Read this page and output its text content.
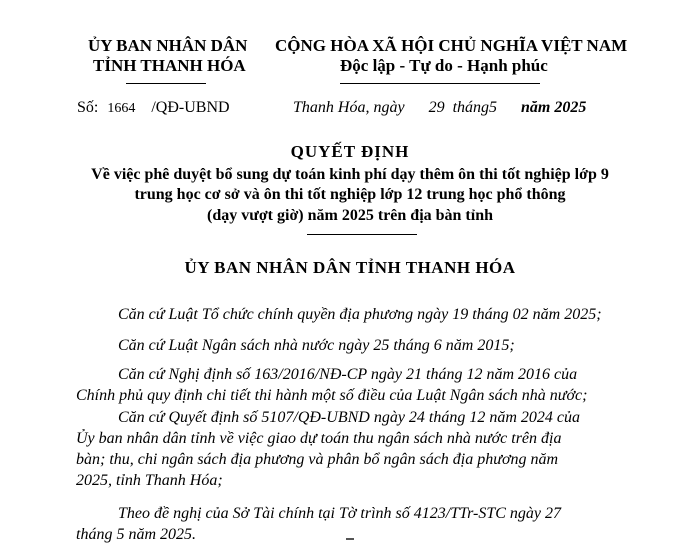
ỦY BAN NHÂN DÂN
TỈNH THANH HÓA
CỘNG HÒA XÃ HỘI CHỦ NGHĨA VIỆT NAM
Độc lập - Tự do - Hạnh phúc
Số: 1664 /QĐ-UBND	Thanh Hóa, ngày 29 tháng5 năm 2025
QUYẾT ĐỊNH
Về việc phê duyệt bổ sung dự toán kinh phí dạy thêm ôn thi tốt nghiệp lớp 9
trung học cơ sở và ôn thi tốt nghiệp lớp 12 trung học phổ thông
(dạy vượt giờ) năm 2025 trên địa bàn tỉnh
ỦY BAN NHÂN DÂN TỈNH THANH HÓA
Căn cứ Luật Tổ chức chính quyền địa phương ngày 19 tháng 02 năm 2025;
Căn cứ Luật Ngân sách nhà nước ngày 25 tháng 6 năm 2015;
Căn cứ Nghị định số 163/2016/NĐ-CP ngày 21 tháng 12 năm 2016 của
Chính phủ quy định chi tiết thi hành một số điều của Luật Ngân sách nhà nước;
Căn cứ Quyết định số 5107/QĐ-UBND ngày 24 tháng 12 năm 2024 của
Ủy ban nhân dân tỉnh về việc giao dự toán thu ngân sách nhà nước trên địa
bàn; thu, chi ngân sách địa phương và phân bổ ngân sách địa phương năm
2025, tỉnh Thanh Hóa;
Theo đề nghị của Sở Tài chính tại Tờ trình số 4123/TTr-STC ngày 27
tháng 5 năm 2025.
